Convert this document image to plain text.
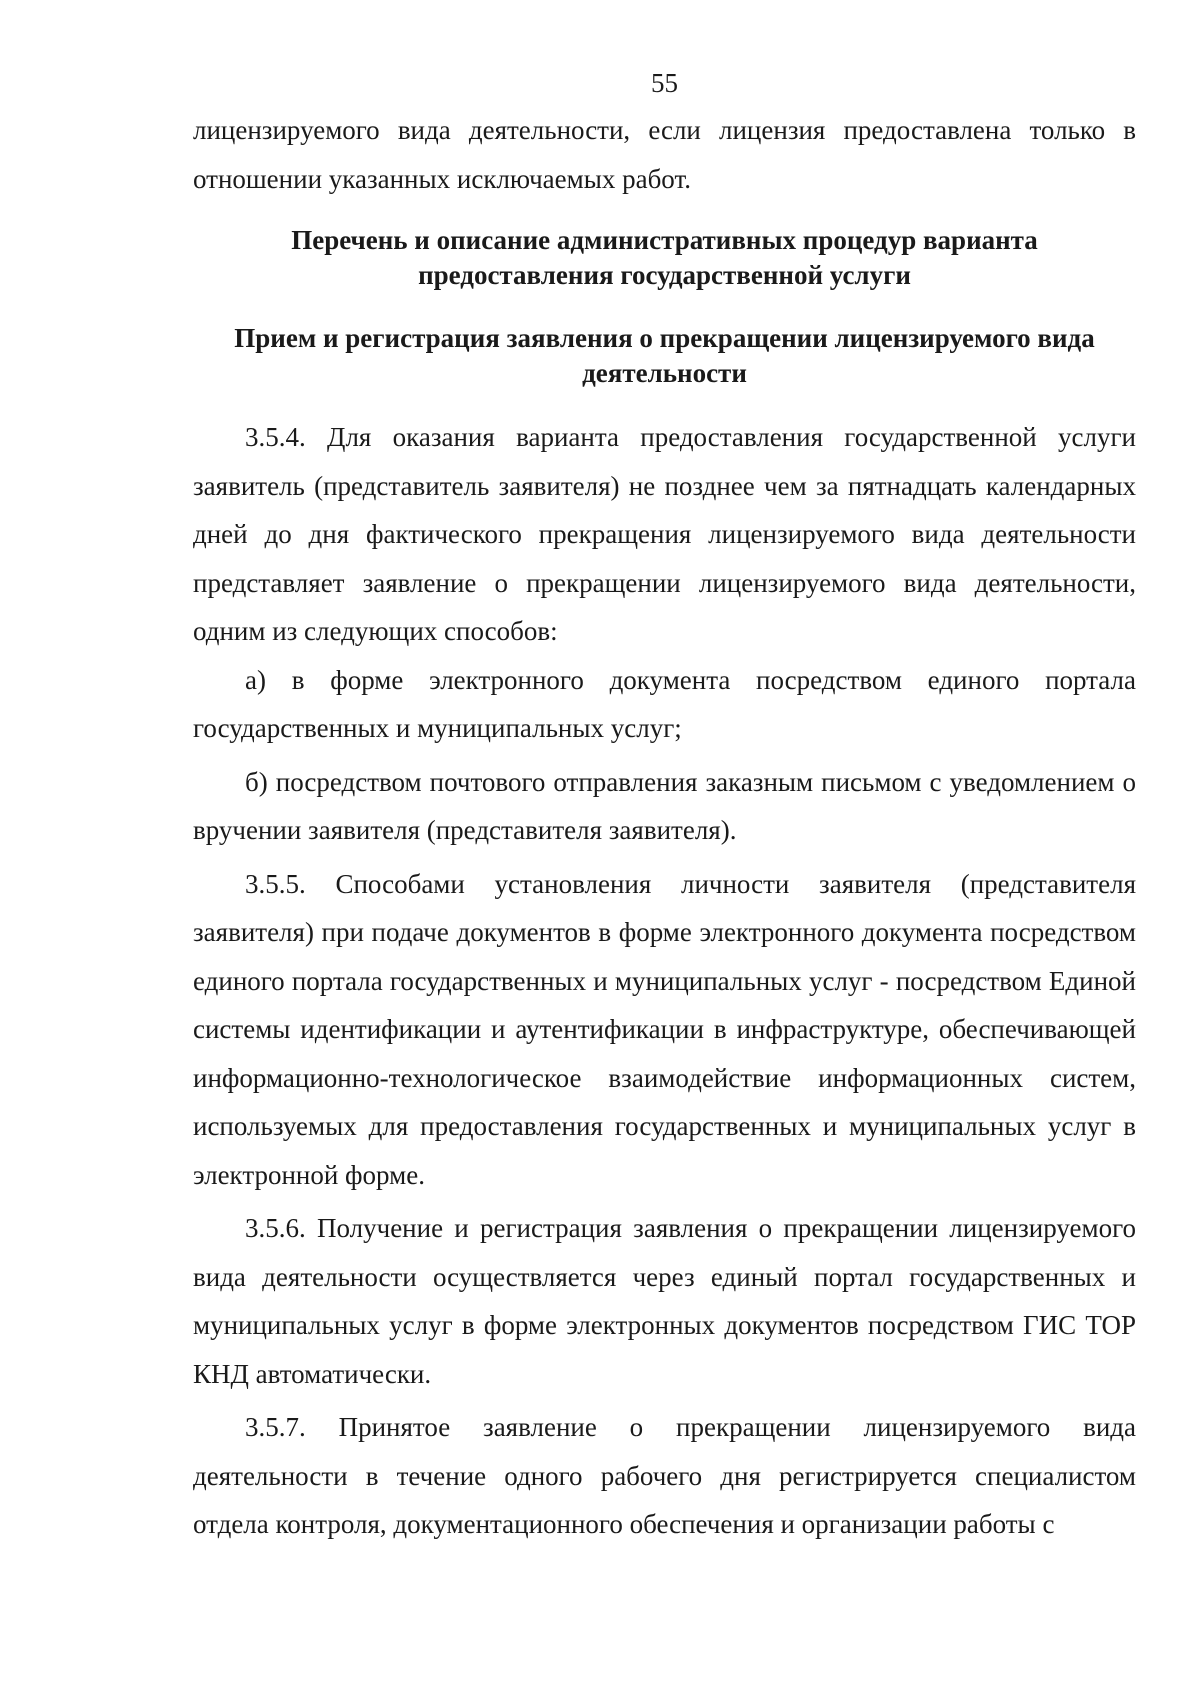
55

лицензируемого вида деятельности, если лицензия предоставлена только в отношении указанных исключаемых работ.

Перечень и описание административных процедур варианта предоставления государственной услуги
Прием и регистрация заявления о прекращении лицензируемого вида деятельности

3.5.4. Для оказания варианта предоставления государственной услуги заявитель (представитель заявителя) не позднее чем за пятнадцать календарных дней до дня фактического прекращения лицензируемого вида деятельности представляет заявление о прекращении лицензируемого вида деятельности, одним из следующих способов:

а) в форме электронного документа посредством единого портала государственных и муниципальных услуг;

б) посредством почтового отправления заказным письмом с уведомлением о вручении заявителя (представителя заявителя).

3.5.5. Способами установления личности заявителя (представителя заявителя) при подаче документов в форме электронного документа посредством единого портала государственных и муниципальных услуг - посредством Единой системы идентификации и аутентификации в инфраструктуре, обеспечивающей информационно-технологическое взаимодействие информационных систем, используемых для предоставления государственных и муниципальных услуг в электронной форме.

3.5.6. Получение и регистрация заявления о прекращении лицензируемого вида деятельности осуществляется через единый портал государственных и муниципальных услуг в форме электронных документов посредством ГИС ТОР КНД автоматически.

3.5.7. Принятое заявление о прекращении лицензируемого вида деятельности в течение одного рабочего дня регистрируется специалистом отдела контроля, документационного обеспечения и организации работы с
